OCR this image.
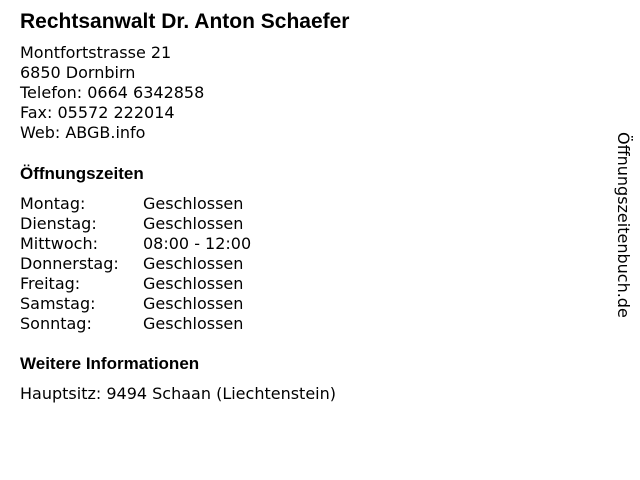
Rechtsanwalt Dr. Anton Schaefer
Montfortstrasse 21
6850 Dornbirn
Telefon: 0664 6342858
Fax: 05572 222014
Web: ABGB.info
Öffnungszeiten
Montag:	Geschlossen
Dienstag:	Geschlossen
Mittwoch:	08:00 - 12:00
Donnerstag:	Geschlossen
Freitag:	Geschlossen
Samstag:	Geschlossen
Sonntag:	Geschlossen
Weitere Informationen
Hauptsitz: 9494 Schaan (Liechtenstein)
Öffnungszeitenbuch.de
